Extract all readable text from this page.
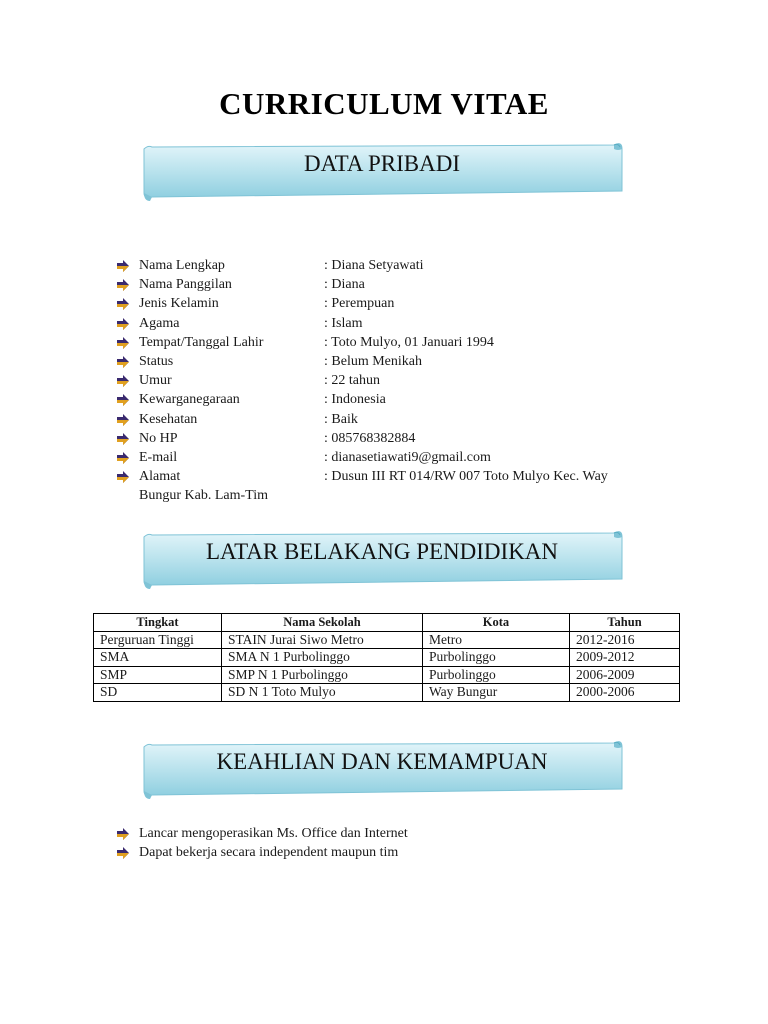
CURRICULUM VITAE
DATA PRIBADI
Nama Lengkap	: Diana Setyawati
Nama Panggilan	: Diana
Jenis Kelamin	: Perempuan
Agama	: Islam
Tempat/Tanggal Lahir	: Toto Mulyo, 01 Januari 1994
Status	: Belum Menikah
Umur	: 22 tahun
Kewarganegaraan	: Indonesia
Kesehatan	: Baik
No HP	: 085768382884
E-mail	: dianasetiawati9@gmail.com
Alamat	: Dusun III RT 014/RW 007 Toto Mulyo Kec. Way
Bungur Kab. Lam-Tim
LATAR BELAKANG PENDIDIKAN
Tingkat	Nama Sekolah	Kota	Tahun
Perguruan Tinggi	STAIN Jurai Siwo Metro	Metro	2012-2016
SMA	SMA N 1 Purbolinggo	Purbolinggo	2009-2012
SMP	SMP N 1 Purbolinggo	Purbolinggo	2006-2009
SD	SD N 1 Toto Mulyo	Way Bungur	2000-2006
KEAHLIAN DAN KEMAMPUAN
Lancar mengoperasikan Ms. Office dan Internet
Dapat bekerja secara independent maupun tim
